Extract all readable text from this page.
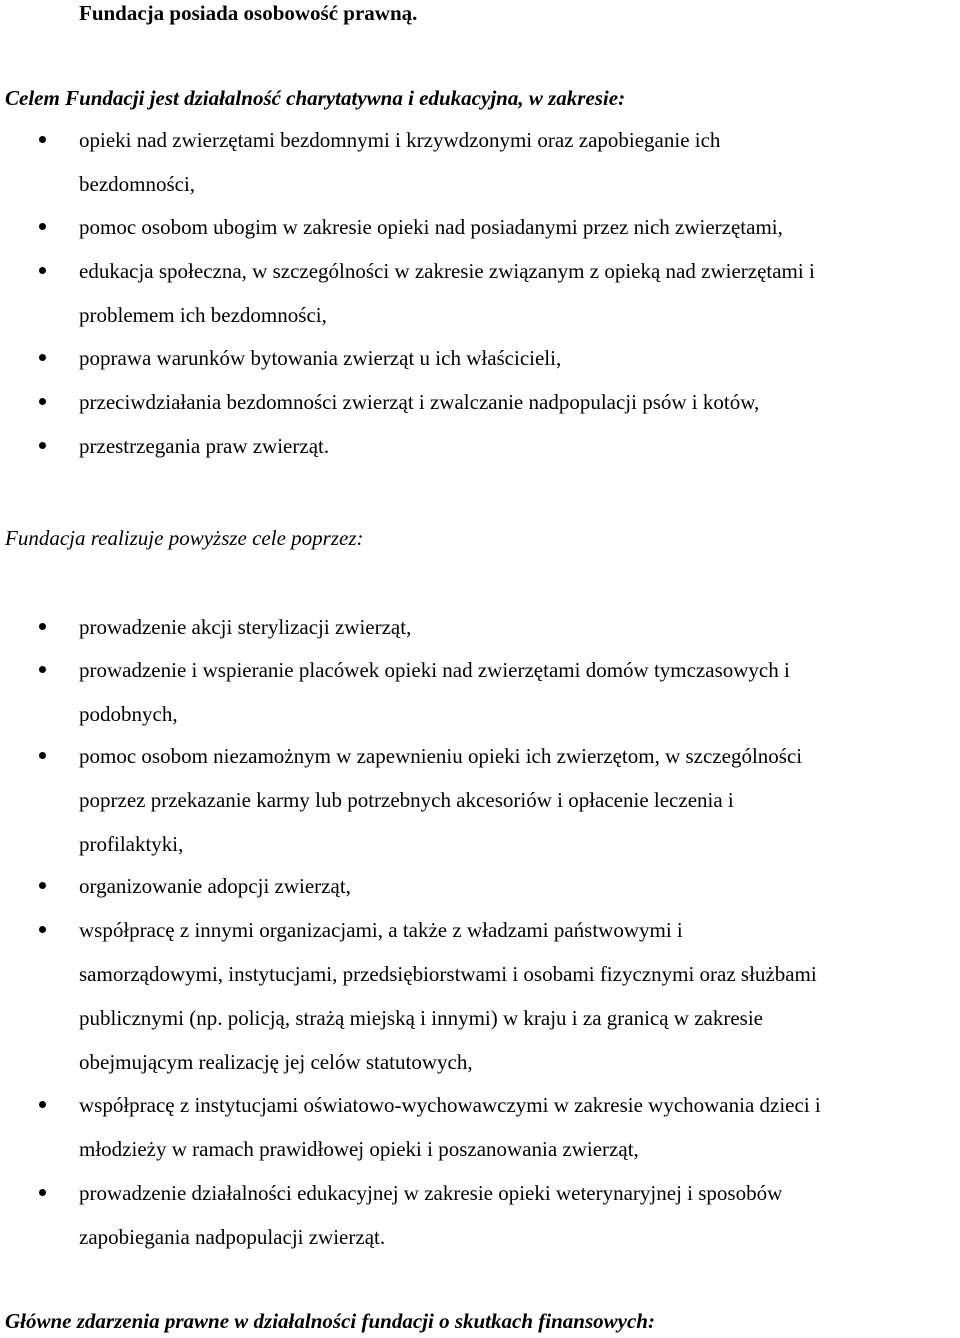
Fundacja posiada osobowość prawną.
Celem Fundacji jest działalność charytatywna i edukacyjna, w zakresie:
opieki nad zwierzętami bezdomnymi i krzywdzonymi oraz zapobieganie ich
bezdomności,
pomoc osobom ubogim w zakresie opieki nad posiadanymi przez nich zwierzętami,
edukacja społeczna, w szczególności w zakresie związanym z opieką nad zwierzętami i
problemem ich bezdomności,
poprawa warunków bytowania zwierząt u ich właścicieli,
przeciwdziałania bezdomności zwierząt i zwalczanie nadpopulacji psów i kotów,
przestrzegania praw zwierząt.
Fundacja realizuje powyższe cele poprzez:
prowadzenie akcji sterylizacji zwierząt,
prowadzenie i wspieranie placówek opieki nad zwierzętami domów tymczasowych i
podobnych,
pomoc osobom niezamożnym w zapewnieniu opieki ich zwierzętom, w szczególności
poprzez przekazanie karmy lub potrzebnych akcesoriów i opłacenie leczenia i
profilaktyki,
organizowanie adopcji zwierząt,
współpracę z innymi organizacjami, a także z władzami państwowymi i
samorządowymi, instytucjami, przedsiębiorstwami i osobami fizycznymi oraz służbami
publicznymi (np. policją, strażą miejską i innymi) w kraju i za granicą w zakresie
obejmującym realizację jej celów statutowych,
współpracę z instytucjami oświatowo-wychowawczymi w zakresie wychowania dzieci i
młodzieży w ramach prawidłowej opieki i poszanowania zwierząt,
prowadzenie działalności edukacyjnej w zakresie opieki weterynaryjnej i sposobów
zapobiegania nadpopulacji zwierząt.
Główne zdarzenia prawne w działalności fundacji o skutkach finansowych:
